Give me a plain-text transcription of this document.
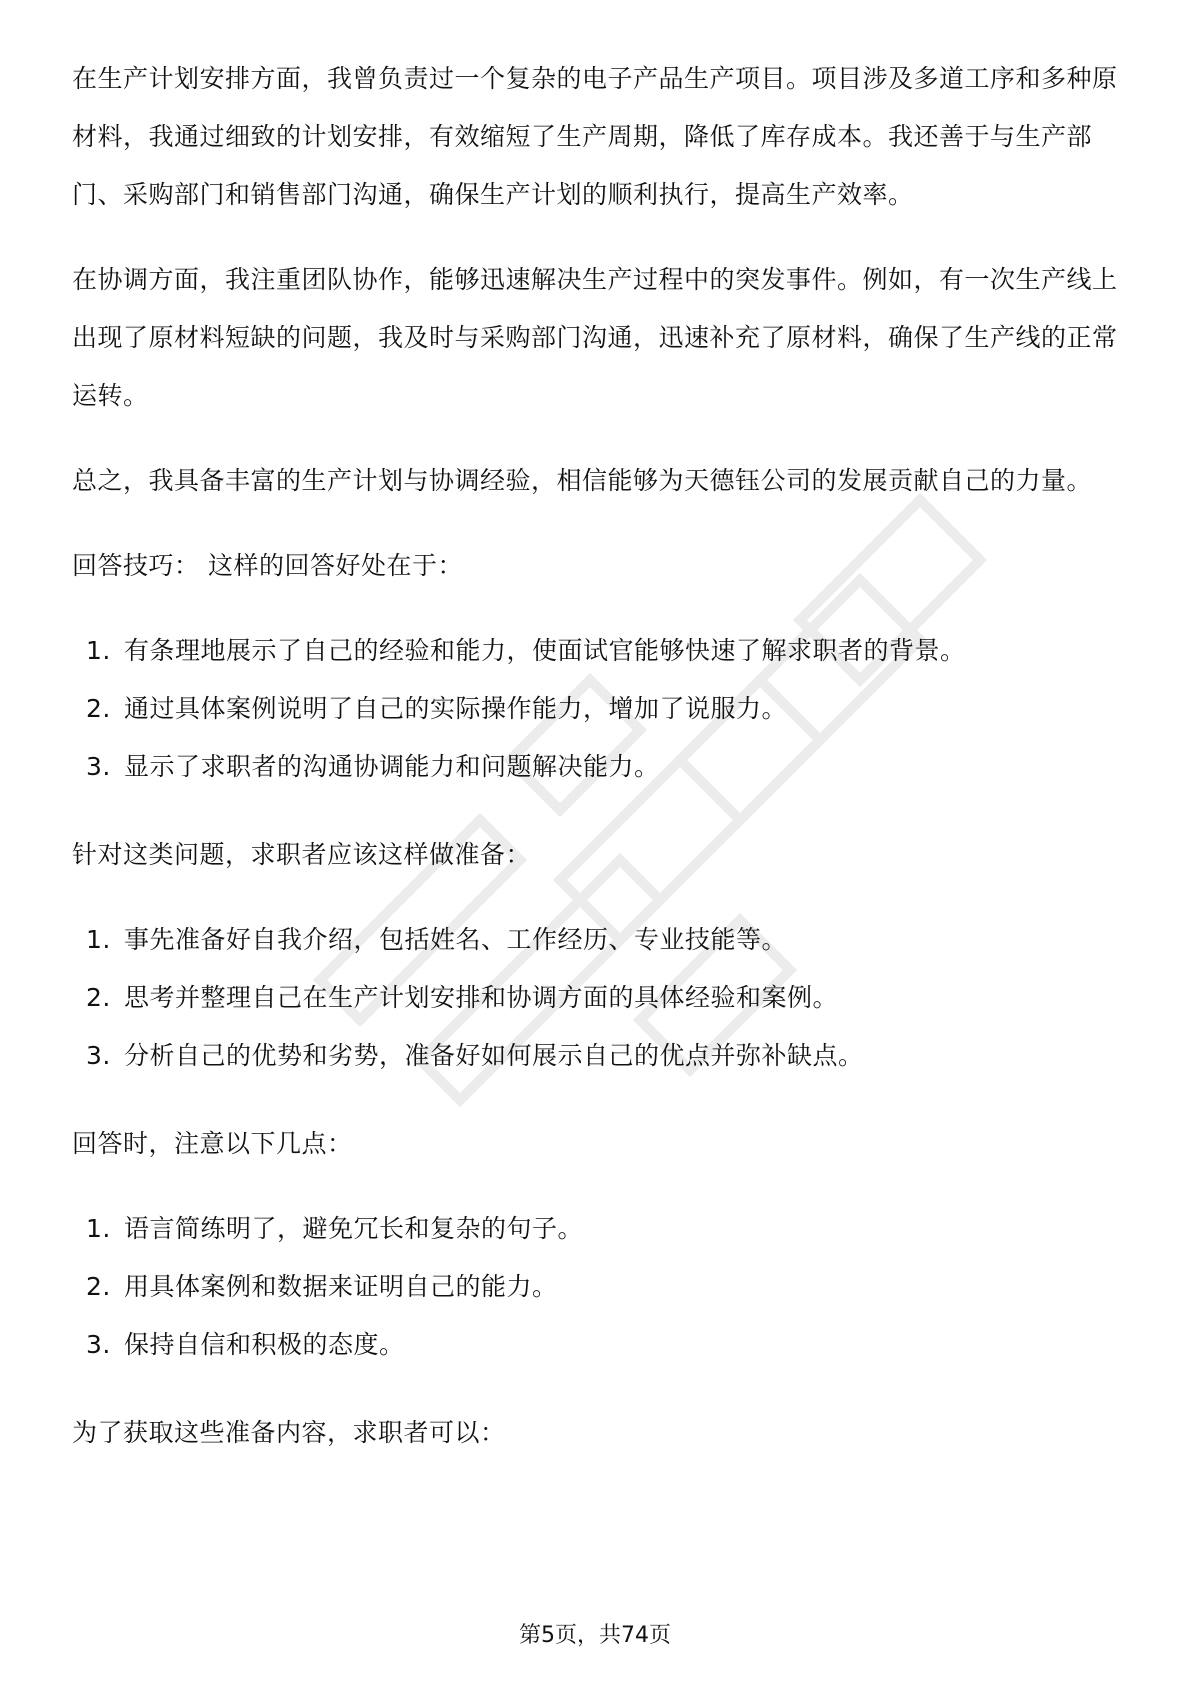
在生产计划安排方面，我曾负责过一个复杂的电子产品生产项目。项目涉及多道工序和多种原材料，我通过细致的计划安排，有效缩短了生产周期，降低了库存成本。我还善于与生产部门、采购部门和销售部门沟通，确保生产计划的顺利执行，提高生产效率。

在协调方面，我注重团队协作，能够迅速解决生产过程中的突发事件。例如，有一次生产线上出现了原材料短缺的问题，我及时与采购部门沟通，迅速补充了原材料，确保了生产线的正常运转。

总之，我具备丰富的生产计划与协调经验，相信能够为天德钰公司的发展贡献自己的力量。

回答技巧： 这样的回答好处在于：

1. 有条理地展示了自己的经验和能力，使面试官能够快速了解求职者的背景。
2. 通过具体案例说明了自己的实际操作能力，增加了说服力。
3. 显示了求职者的沟通协调能力和问题解决能力。

针对这类问题，求职者应该这样做准备：

1. 事先准备好自我介绍，包括姓名、工作经历、专业技能等。
2. 思考并整理自己在生产计划安排和协调方面的具体经验和案例。
3. 分析自己的优势和劣势，准备好如何展示自己的优点并弥补缺点。

回答时，注意以下几点：

1. 语言简练明了，避免冗长和复杂的句子。
2. 用具体案例和数据来证明自己的能力。
3. 保持自信和积极的态度。

为了获取这些准备内容，求职者可以：

第5页，共74页
